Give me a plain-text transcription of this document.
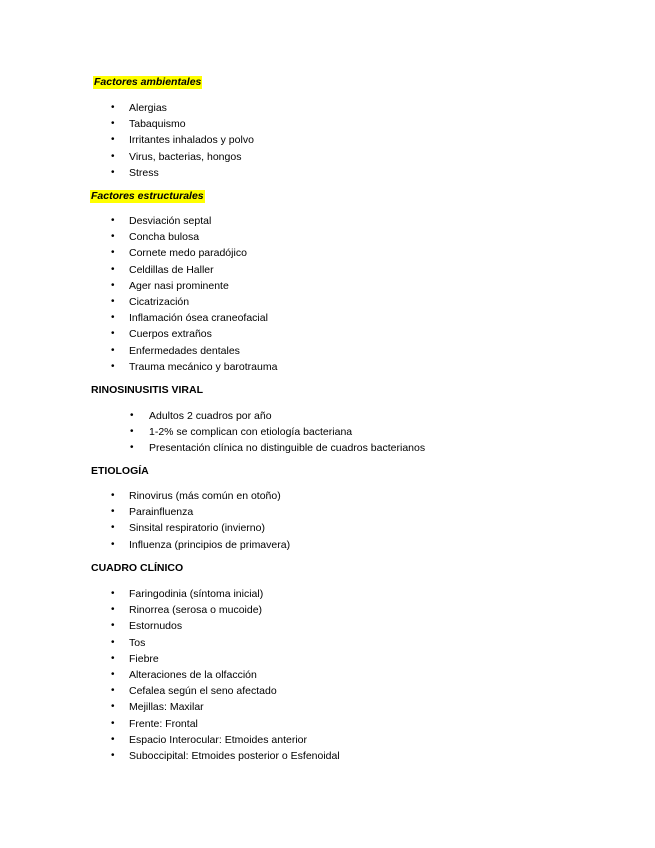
Factores ambientales
• Alergias
• Tabaquismo
• Irritantes inhalados y polvo
• Virus, bacterias, hongos
• Stress
Factores estructurales
• Desviación septal
• Concha bulosa
• Cornete medo paradójico
• Celdillas de Haller
• Ager nasi prominente
• Cicatrización
• Inflamación ósea craneofacial
• Cuerpos extraños
• Enfermedades dentales
• Trauma mecánico y barotrauma
RINOSINUSITIS VIRAL
• Adultos 2 cuadros por año
• 1-2% se complican con etiología bacteriana
• Presentación clínica no distinguible de cuadros bacterianos
ETIOLOGÍA
• Rinovirus (más común en otoño)
• Parainfluenza
• Sinsital respiratorio (invierno)
• Influenza (principios de primavera)
CUADRO CLÍNICO
• Faringodinia (síntoma inicial)
• Rinorrea (serosa o mucoide)
• Estornudos
• Tos
• Fiebre
• Alteraciones de la olfacción
• Cefalea según el seno afectado
• Mejillas: Maxilar
• Frente: Frontal
• Espacio Interocular: Etmoides anterior
• Suboccipital: Etmoides posterior o Esfenoidal
